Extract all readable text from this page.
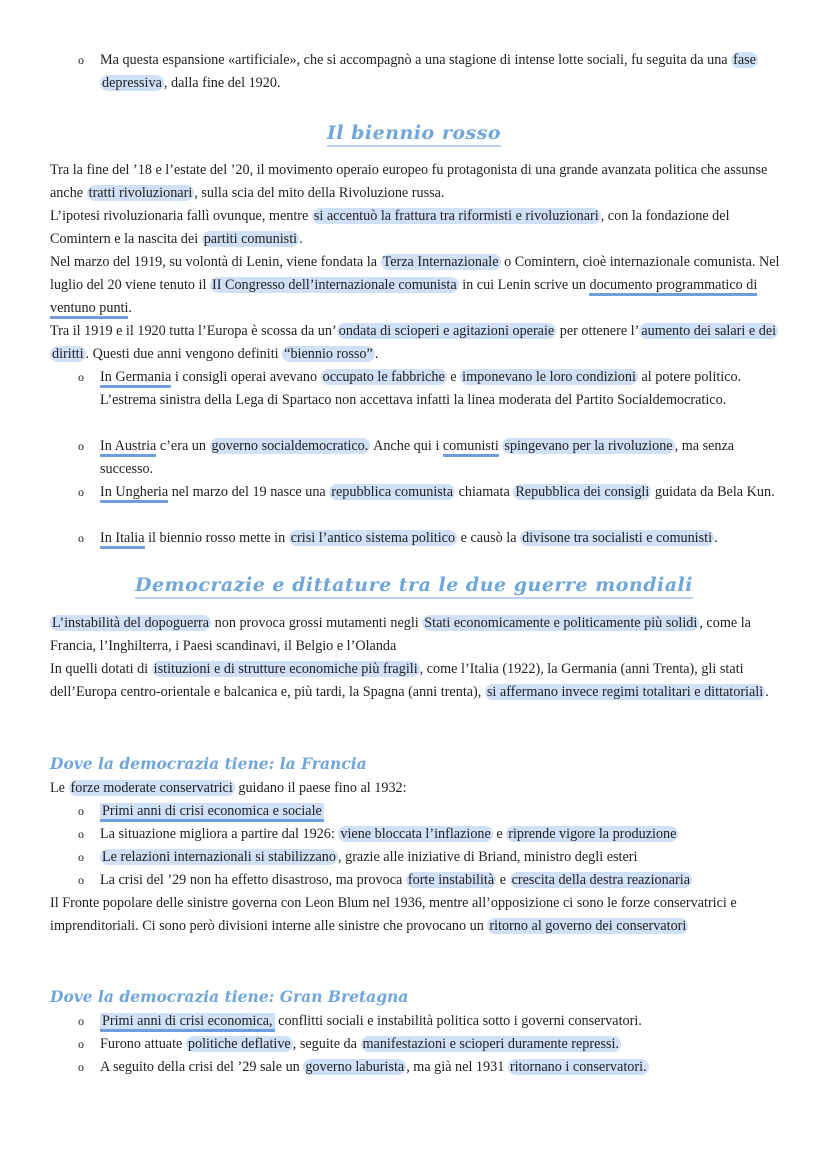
o Ma questa espansione «artificiale», che si accompagnò a una stagione di intense lotte sociali, fu seguita da una fase depressiva , dalla fine del 1920.
Il biennio rosso

Tra la fine del ’18 e l’estate del ’20, il movimento operaio europeo fu protagonista di una grande avanzata politica che assunse anche tratti rivoluzionari , sulla scia del mito della Rivoluzione russa.

L’ipotesi rivoluzionaria fallì ovunque, mentre si accentuò la frattura tra riformisti e rivoluzionari , con la fondazione del Comintern e la nascita dei partiti comunisti .

Nel marzo del 1919, su volontà di Lenin, viene fondata la Terza Internazionale o Comintern, cioè internazionale comunista. Nel luglio del 20 viene tenuto il II Congresso dell’internazionale comunista in cui Lenin scrive un documento programmatico di ventuno punti.

Tra il 1919 e il 1920 tutta l’Europa è scossa da un’ ondata di scioperi e agitazioni operaie per ottenere l’ aumento dei salari e dei diritti . Questi due anni vengono definiti “biennio rosso” .

o In Germania i consigli operai avevano occupato le fabbriche e imponevano le loro condizioni al potere politico. L’estrema sinistra della Lega di Spartaco non accettava infatti la linea moderata del Partito Socialdemocratico.
o In Austria c’era un governo socialdemocratico. Anche qui i comunisti spingevano per la rivoluzione , ma senza successo.
o In Ungheria nel marzo del 19 nasce una repubblica comunista chiamata Repubblica dei consigli guidata da Bela Kun.
o In Italia il biennio rosso mette in crisi l’antico sistema politico e causò la divisone tra socialisti e comunisti .
Democrazie e dittature tra le due guerre mondiali

L’instabilità del dopoguerra non provoca grossi mutamenti negli Stati economicamente e politicamente più solidi , come la Francia, l’Inghilterra, i Paesi scandinavi, il Belgio e l’Olanda

In quelli dotati di istituzioni e di strutture economiche più fragili , come l’Italia (1922), la Germania (anni Trenta), gli stati dell’Europa centro-orientale e balcanica e, più tardi, la Spagna (anni trenta), si affermano invece regimi totalitari e dittatoriali .

Dove la democrazia tiene: la Francia

Le forze moderate conservatrici guidano il paese fino al 1932:

o Primi anni di crisi economica e sociale
o La situazione migliora a partire dal 1926: viene bloccata l’inflazione e riprende vigore la produzione
o Le relazioni internazionali si stabilizzano , grazie alle iniziative di Briand, ministro degli esteri
o La crisi del ’29 non ha effetto disastroso, ma provoca forte instabilità e crescita della destra reazionaria

Il Fronte popolare delle sinistre governa con Leon Blum nel 1936, mentre all’opposizione ci sono le forze conservatrici e imprenditoriali. Ci sono però divisioni interne alle sinistre che provocano un ritorno al governo dei conservatori

Dove la democrazia tiene: Gran Bretagna
o Primi anni di crisi economica, conflitti sociali e instabilità politica sotto i governi conservatori.
o Furono attuate politiche deflative , seguite da manifestazioni e scioperi duramente repressi.
o A seguito della crisi del ’29 sale un governo laburista , ma già nel 1931 ritornano i conservatori.
